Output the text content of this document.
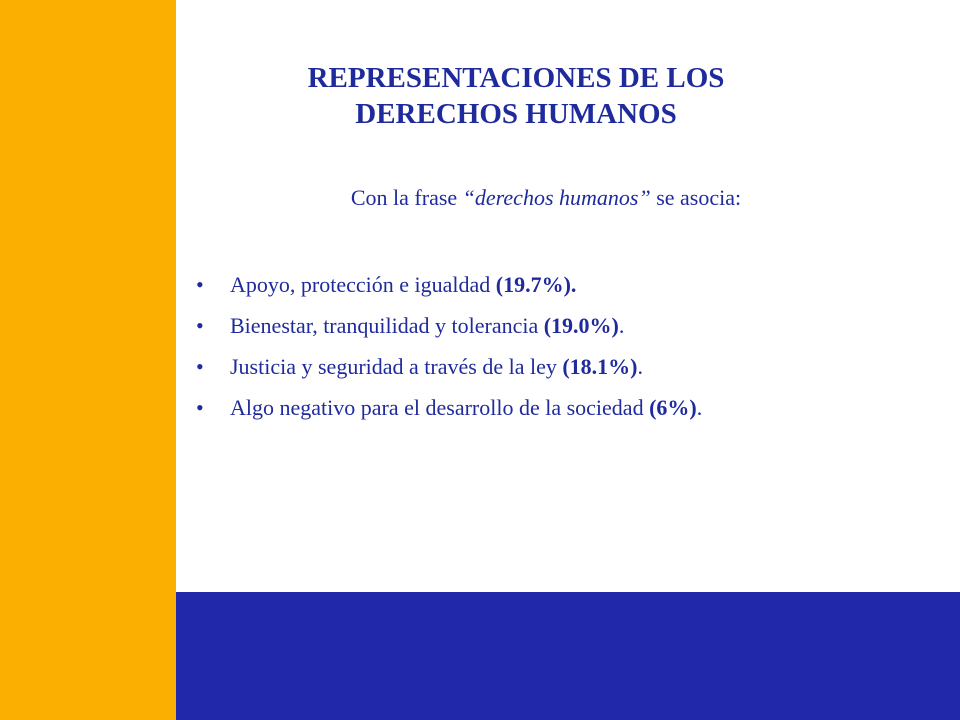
REPRESENTACIONES DE LOS
DERECHOS HUMANOS
Con la frase “derechos humanos” se asocia:
• Apoyo, protección e igualdad (19.7%).
• Bienestar, tranquilidad y tolerancia (19.0%).
• Justicia y seguridad a través de la ley (18.1%).
• Algo negativo para el desarrollo de la sociedad (6%).
